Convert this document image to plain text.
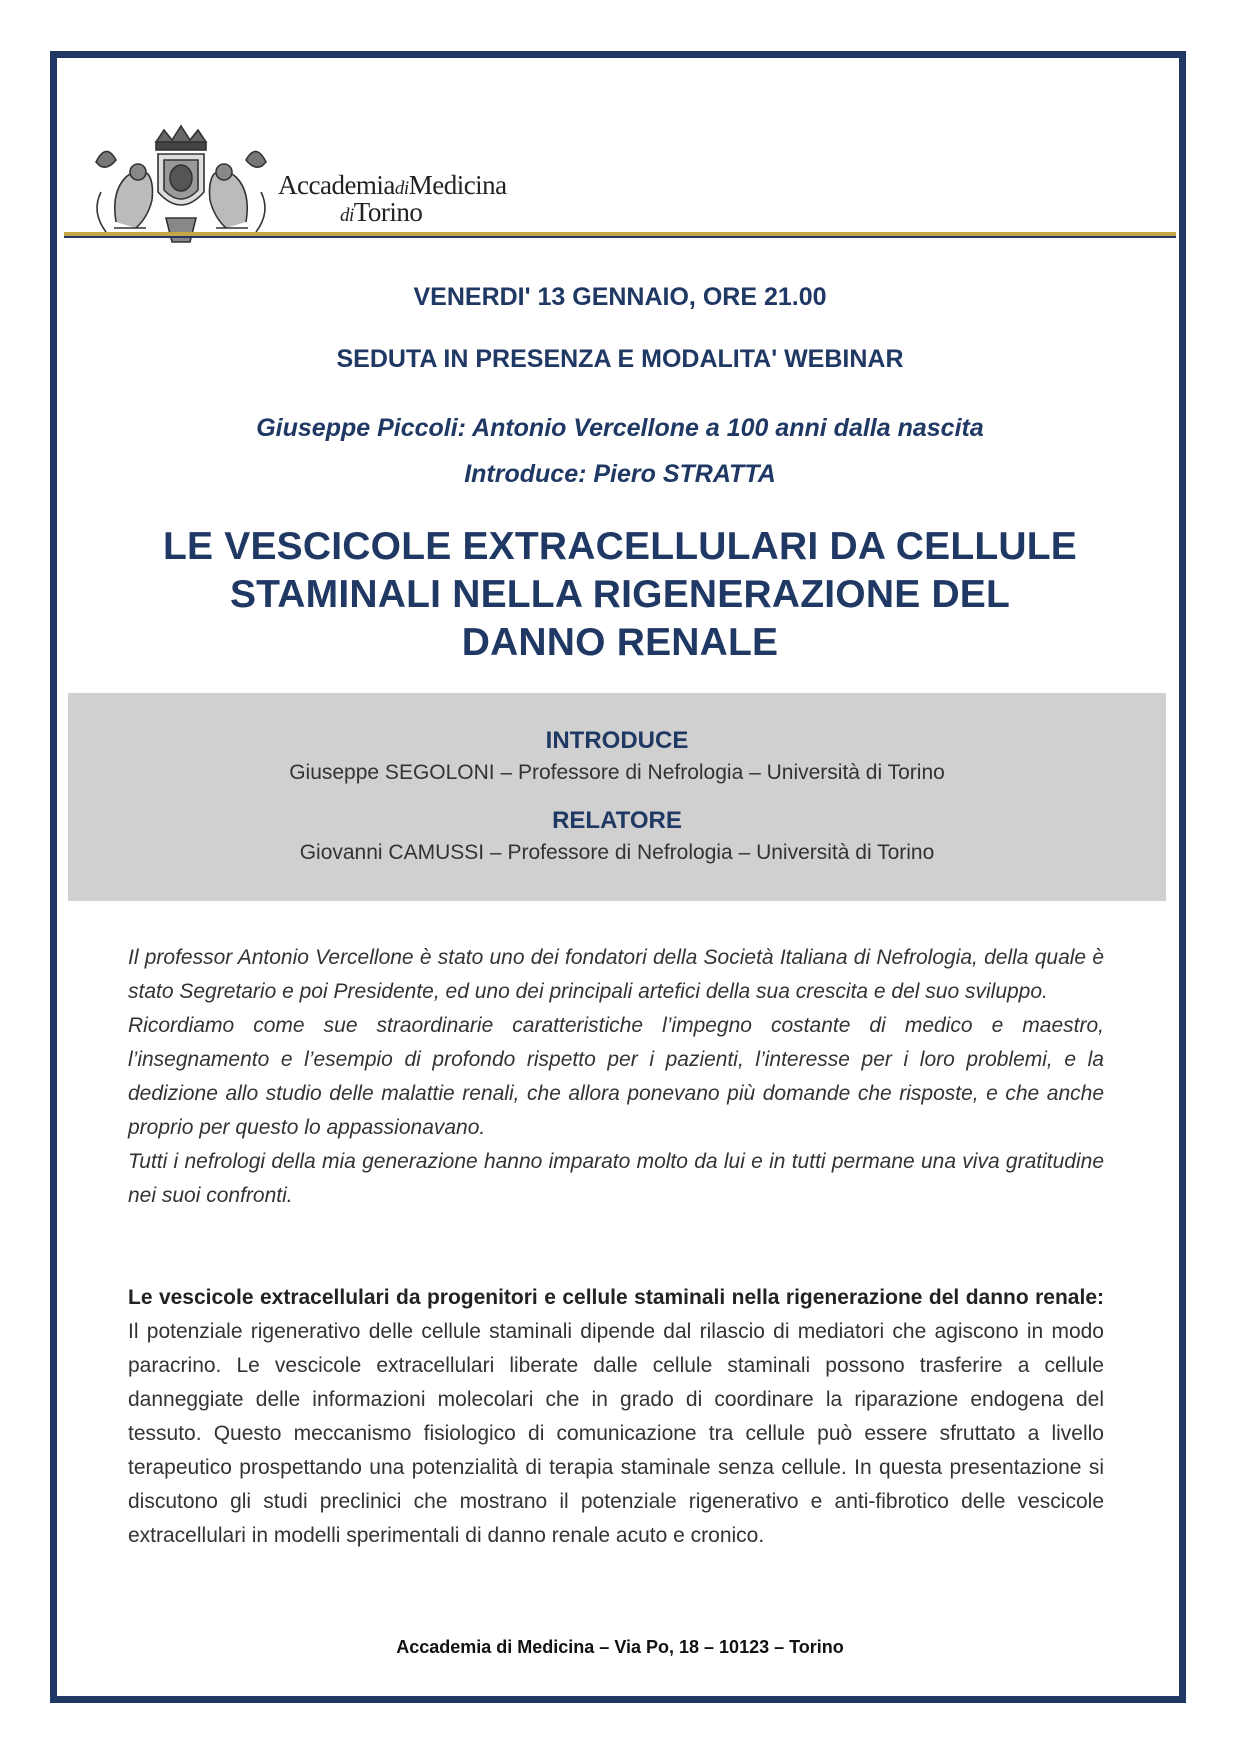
AccademiadiMedicina
diTorino
VENERDI' 13 GENNAIO, ORE 21.00
SEDUTA IN PRESENZA E MODALITA' WEBINAR
Giuseppe Piccoli: Antonio Vercellone a 100 anni dalla nascita
Introduce: Piero STRATTA
LE VESCICOLE EXTRACELLULARI DA CELLULE
STAMINALI NELLA RIGENERAZIONE DEL
DANNO RENALE
INTRODUCE
Giuseppe SEGOLONI – Professore di Nefrologia – Università di Torino
RELATORE
Giovanni CAMUSSI – Professore di Nefrologia – Università di Torino

Il professor Antonio Vercellone è stato uno dei fondatori della Società Italiana di Nefrologia, della quale è stato Segretario e poi Presidente, ed uno dei principali artefici della sua crescita e del suo sviluppo.

Ricordiamo come sue straordinarie caratteristiche l’impegno costante di medico e maestro, l’insegnamento e l’esempio di profondo rispetto per i pazienti, l’interesse per i loro problemi, e la dedizione allo studio delle malattie renali, che allora ponevano più domande che risposte, e che anche proprio per questo lo appassionavano.

Tutti i nefrologi della mia generazione hanno imparato molto da lui e in tutti permane una viva gratitudine nei suoi confronti.

Le vescicole extracellulari da progenitori e cellule staminali nella rigenerazione del danno renale: Il potenziale rigenerativo delle cellule staminali dipende dal rilascio di mediatori che agiscono in modo paracrino. Le vescicole extracellulari liberate dalle cellule staminali possono trasferire a cellule danneggiate delle informazioni molecolari che in grado di coordinare la riparazione endogena del tessuto. Questo meccanismo fisiologico di comunicazione tra cellule può essere sfruttato a livello terapeutico prospettando una potenzialità di terapia staminale senza cellule. In questa presentazione si discutono gli studi preclinici che mostrano il potenziale rigenerativo e anti-fibrotico delle vescicole extracellulari in modelli sperimentali di danno renale acuto e cronico.
Accademia di Medicina – Via Po, 18 – 10123 – Torino
